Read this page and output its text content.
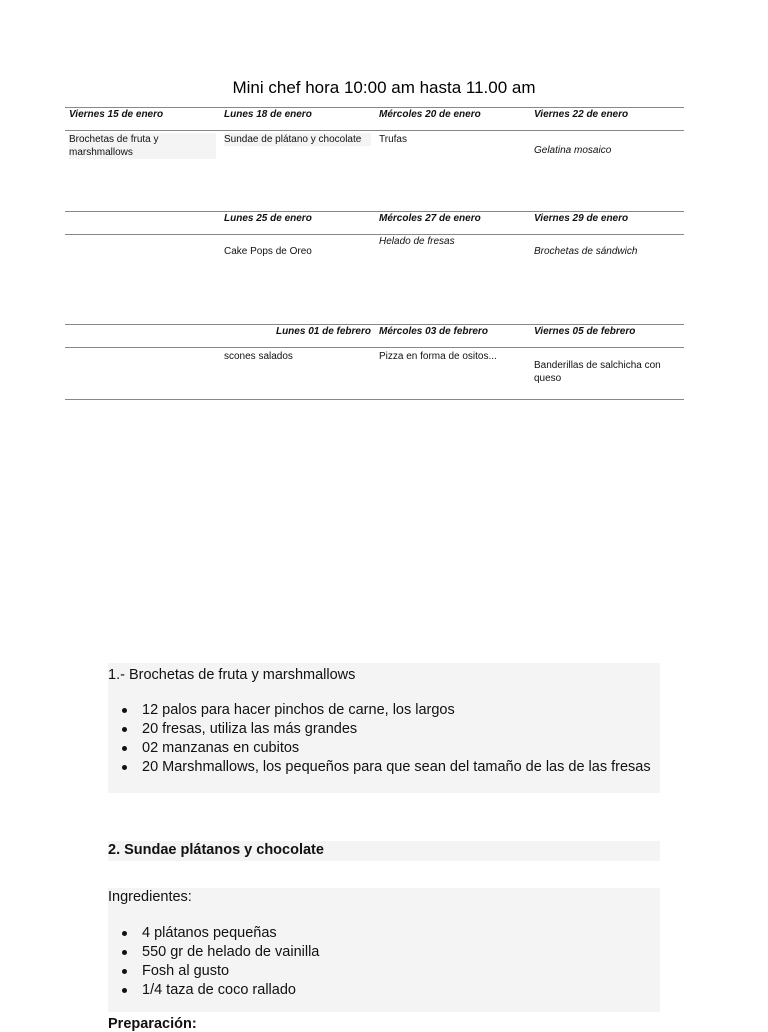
Mini chef hora 10:00 am hasta 11.00 am
Viernes 15 de enero	Lunes 18 de enero	Mércoles 20 de enero	Viernes 22 de enero

Brochetas de fruta y marshmallows	Sundae de plátano y chocolate	Trufas	Gelatina mosaico

	Lunes 25 de enero	Mércoles 27 de enero	Viernes 29 de enero

	Cake Pops de Oreo	Helado de fresas	Brochetas de sándwich

	Lunes 01 de febrero	Mércoles 03 de febrero	Viernes 05 de febrero

	scones salados	Pizza en forma de ositos...	Banderillas de salchicha con queso
1.- Brochetas de fruta y marshmallows
12 palos para hacer pinchos de carne, los largos
20 fresas, utiliza las más grandes
02 manzanas en cubitos
20 Marshmallows, los pequeños para que sean del tamaño de las de las fresas
2. Sundae plátanos y chocolate
Ingredientes:
4 plátanos pequeñas
550 gr de helado de vainilla
Fosh al gusto
1/4 taza de coco rallado
Preparación:
